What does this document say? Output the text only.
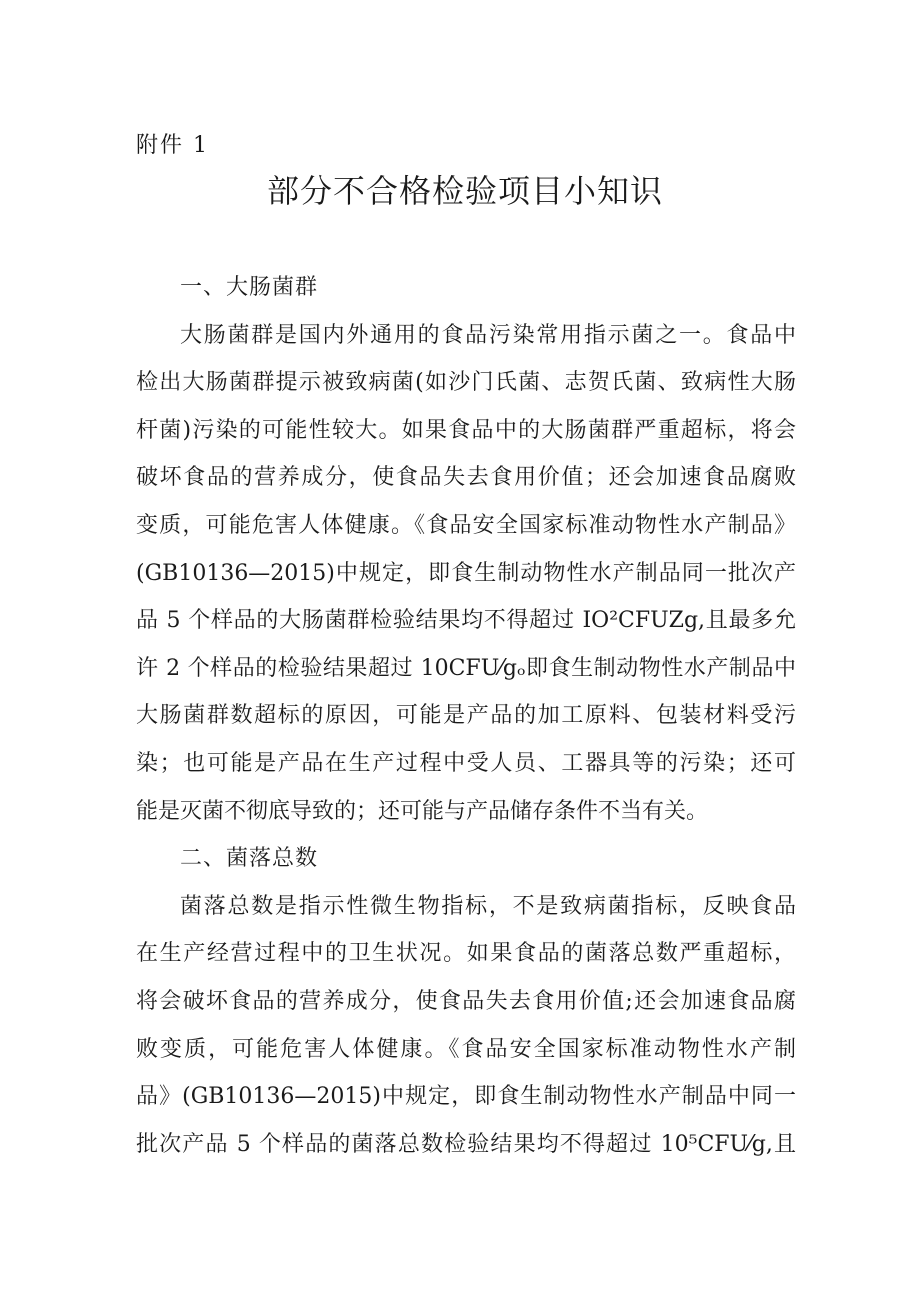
附件 1
部分不合格检验项目小知识
一、大肠菌群
大肠菌群是国内外通用的食品污染常用指示菌之一。食品中
检出大肠菌群提示被致病菌(如沙门氏菌、志贺氏菌、致病性大肠
杆菌)污染的可能性较大。如果食品中的大肠菌群严重超标，将会
破坏食品的营养成分，使食品失去食用价值；还会加速食品腐败
变质，可能危害人体健康。《食品安全国家标准动物性水产制品》
(GB10136—2015)中规定，即食生制动物性水产制品同一批次产
品 5 个样品的大肠菌群检验结果均不得超过 IO²CFUZg,且最多允
许 2 个样品的检验结果超过 10CFU⁄gₒ即食生制动物性水产制品中
大肠菌群数超标的原因，可能是产品的加工原料、包装材料受污
染；也可能是产品在生产过程中受人员、工器具等的污染；还可
能是灭菌不彻底导致的；还可能与产品储存条件不当有关。
二、菌落总数
菌落总数是指示性微生物指标，不是致病菌指标，反映食品
在生产经营过程中的卫生状况。如果食品的菌落总数严重超标，
将会破坏食品的营养成分，使食品失去食用价值;还会加速食品腐
败变质，可能危害人体健康。《食品安全国家标准动物性水产制
品》(GB10136—2015)中规定，即食生制动物性水产制品中同一
批次产品 5 个样品的菌落总数检验结果均不得超过 10⁵CFU⁄g,且
